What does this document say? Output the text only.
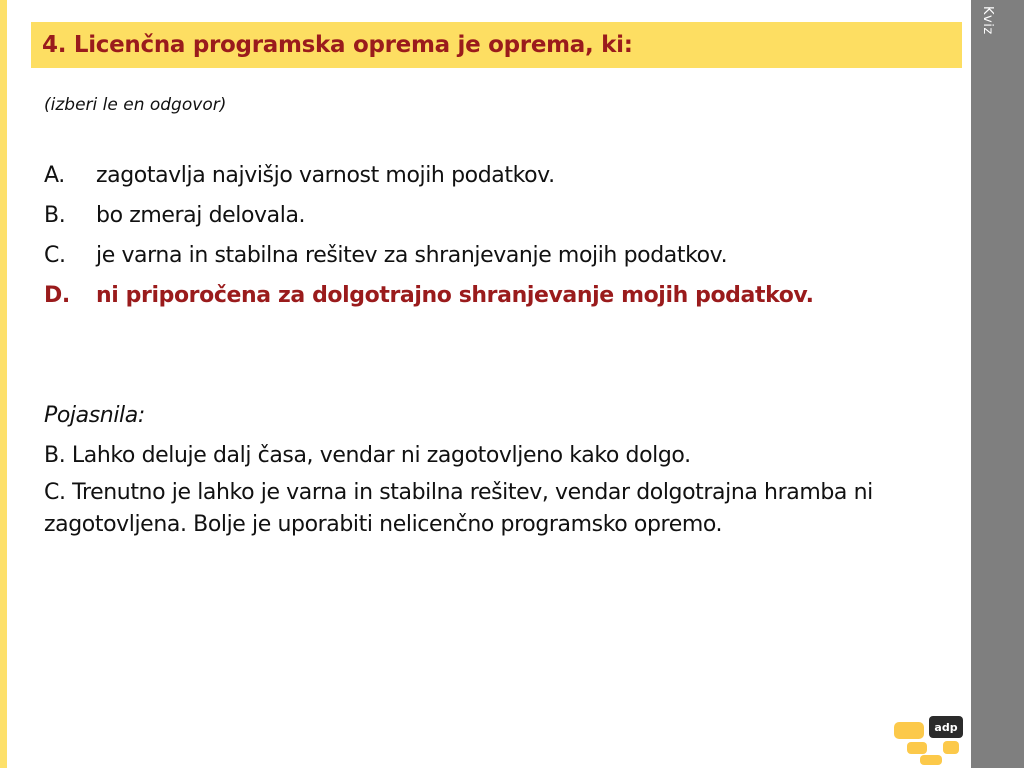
Kviz
4. Licenčna programska oprema je oprema, ki:
(izberi le en odgovor)
A.	zagotavlja najvišjo varnost mojih podatkov.
B.	bo zmeraj delovala.
C.	je varna in stabilna rešitev za shranjevanje mojih podatkov.
D.	ni priporočena za dolgotrajno shranjevanje mojih podatkov.
Pojasnila:
B. Lahko deluje dalj časa, vendar ni zagotovljeno kako dolgo.
C. Trenutno je lahko je varna in stabilna rešitev, vendar dolgotrajna hramba ni zagotovljena. Bolje je uporabiti nelicenčno programsko opremo.
adp
